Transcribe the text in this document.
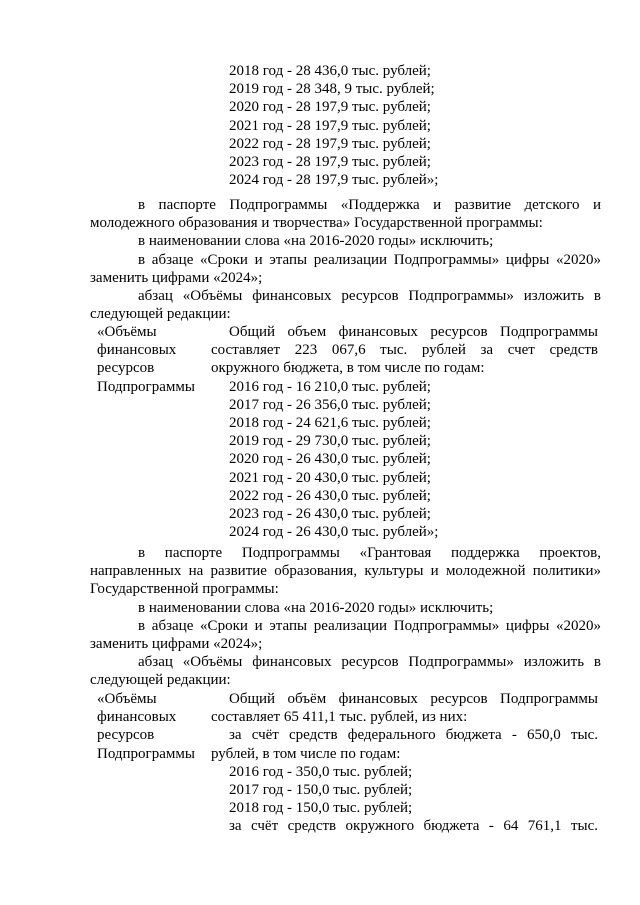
2018 год - 28 436,0 тыс. рублей;
2019 год - 28 348, 9 тыс. рублей;
2020 год - 28 197,9 тыс. рублей;
2021 год - 28 197,9 тыс. рублей;
2022 год - 28 197,9 тыс. рублей;
2023 год - 28 197,9 тыс. рублей;
2024 год - 28 197,9 тыс. рублей»;
в паспорте Подпрограммы «Поддержка и развитие детского и
молодежного образования и творчества» Государственной программы:
в наименовании слова «на 2016-2020 годы» исключить;
в абзаце «Сроки и этапы реализации Подпрограммы» цифры «2020»
заменить цифрами «2024»;
абзац «Объёмы финансовых ресурсов Подпрограммы» изложить в
следующей редакции:
«Объёмы
финансовых
ресурсов
Подпрограммы
Общий объем финансовых ресурсов Подпрограммы
составляет 223 067,6 тыс. рублей за счет средств
окружного бюджета, в том числе по годам:
2016 год - 16 210,0 тыс. рублей;
2017 год - 26 356,0 тыс. рублей;
2018 год - 24 621,6 тыс. рублей;
2019 год - 29 730,0 тыс. рублей;
2020 год - 26 430,0 тыс. рублей;
2021 год - 20 430,0 тыс. рублей;
2022 год - 26 430,0 тыс. рублей;
2023 год - 26 430,0 тыс. рублей;
2024 год - 26 430,0 тыс. рублей»;
в паспорте Подпрограммы «Грантовая поддержка проектов,
направленных на развитие образования, культуры и молодежной политики»
Государственной программы:
в наименовании слова «на 2016-2020 годы» исключить;
в абзаце «Сроки и этапы реализации Подпрограммы» цифры «2020»
заменить цифрами «2024»;
абзац «Объёмы финансовых ресурсов Подпрограммы» изложить в
следующей редакции:
«Объёмы
финансовых
ресурсов
Подпрограммы
Общий объём финансовых ресурсов Подпрограммы
составляет 65 411,1 тыс. рублей, из них:
за счёт средств федерального бюджета - 650,0 тыс.
рублей, в том числе по годам:
2016 год - 350,0 тыс. рублей;
2017 год - 150,0 тыс. рублей;
2018 год - 150,0 тыс. рублей;
за счёт средств окружного бюджета - 64 761,1 тыс.
